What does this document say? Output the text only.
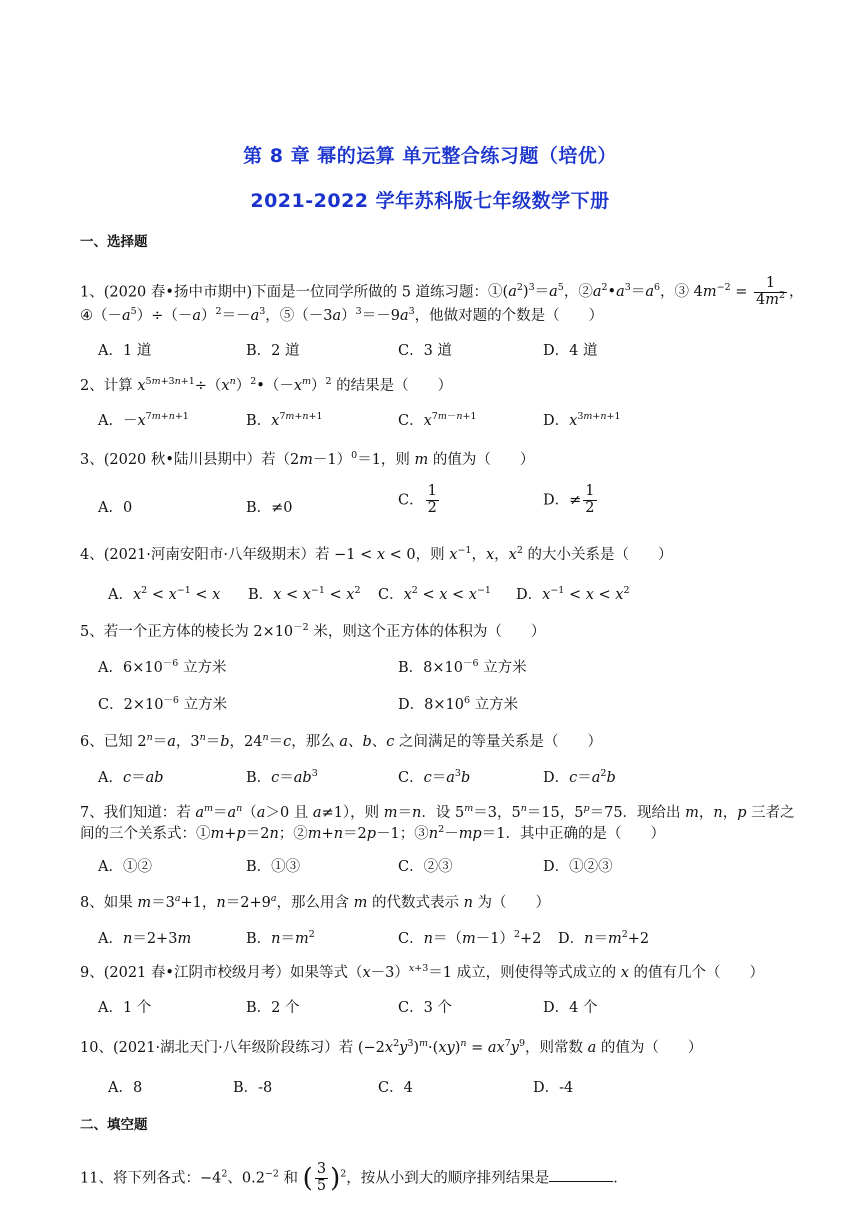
第 8 章 幂的运算 单元整合练习题（培优）
2021-2022 学年苏科版七年级数学下册
一、选择题
1、(2020 春•扬中市期中)下面是一位同学所做的 5 道练习题：$①(a^2)^3=a^5$，$②a^2•a^3=a^6$，③ $4m^{-2} = \frac{1}{4m^2}$ ，
$④(-a^5)\div(-a)^2=-a^3$，$⑤(-3a)^3=-9a^3$，他做对题的个数是（　　）
A．1 道	B．2 道	C．3 道	D．4 道
2、计算 $x^{5m+3n+1}\div(x^n)^2•(-x^m)^2$ 的结果是（　　）
A．$-x^{7m+n+1}$	B．$x^{7m+n+1}$	C．$x^{7m-n+1}$	D．$x^{3m+n+1}$
3、(2020 秋•陆川县期中）若$(2m-1)^0=1$，则 m 的值为（　　）
A．0	B．≠0	C． $\frac{1}{2}$	D．≠ $\frac{1}{2}$
4、(2021·河南安阳市·八年级期末）若 −1 < x < 0，则 $x^{-1}$，x，$x^2$ 的大小关系是（　　）
A．$x^2 < x^{-1} < x$ B．$x < x^{-1} < x^2$ C．$x^2 < x < x^{-1}$ D．$x^{-1} < x < x^2$
5、若一个正方体的棱长为 $2\times 10^{-2}$ 米，则这个正方体的体积为（　　）
A．$6\times 10^{-6}$ 立方米	B．$8\times 10^{-6}$ 立方米
C．$2\times 10^{-6}$ 立方米	D．$8\times 10^6$ 立方米
6、已知 $2^n=a$，$3^n=b$，$24^n=c$，那么 a、b、c 之间满足的等量关系是（　　）
A．c＝ab	B．$c=ab^3$	C．$c=a^3b$	D．$c=a^2b$
7、我们知道：若 $a^m=a^n(a>0$ 且 a≠1），则 m＝n．设 $5^m=3$，$5^n=15$，$5^p=75$．现给出 m，n，p 三者之
间的三个关系式：①m+p＝2n；②m+n＝2p－1；$③n^2-mp=1$．其中正确的是（　　）
A．①②	B．①③	C．②③	D．①②③
8、如果 $m=3^a+1$，$n=2+9^a$，那么用含 m 的代数式表示 n 为（　　）
A．n＝2+3m	B．$n=m^2$	C．$n=(m-1)^2+2$ D．$n=m^2+2$
9、(2021 春•江阴市校级月考）如果等式$(x-3)^{x+3}=1$ 成立，则使得等式成立的 x 的值有几个（　　）
A．1 个	B．2 个	C．3 个	D．4 个
10、(2021·湖北天门·八年级阶段练习）若 $(-2x^2y^3)^m\cdot(xy)^n = ax^7y^9$，则常数 a 的值为（　　）
A．8	B．-8	C．4	D．-4
二、填空题
11、将下列各式：$-4^2$、$0.2^{-2}$ 和 ( $\frac{3}{5} )^2$，按从小到大的顺序排列结果是	．
